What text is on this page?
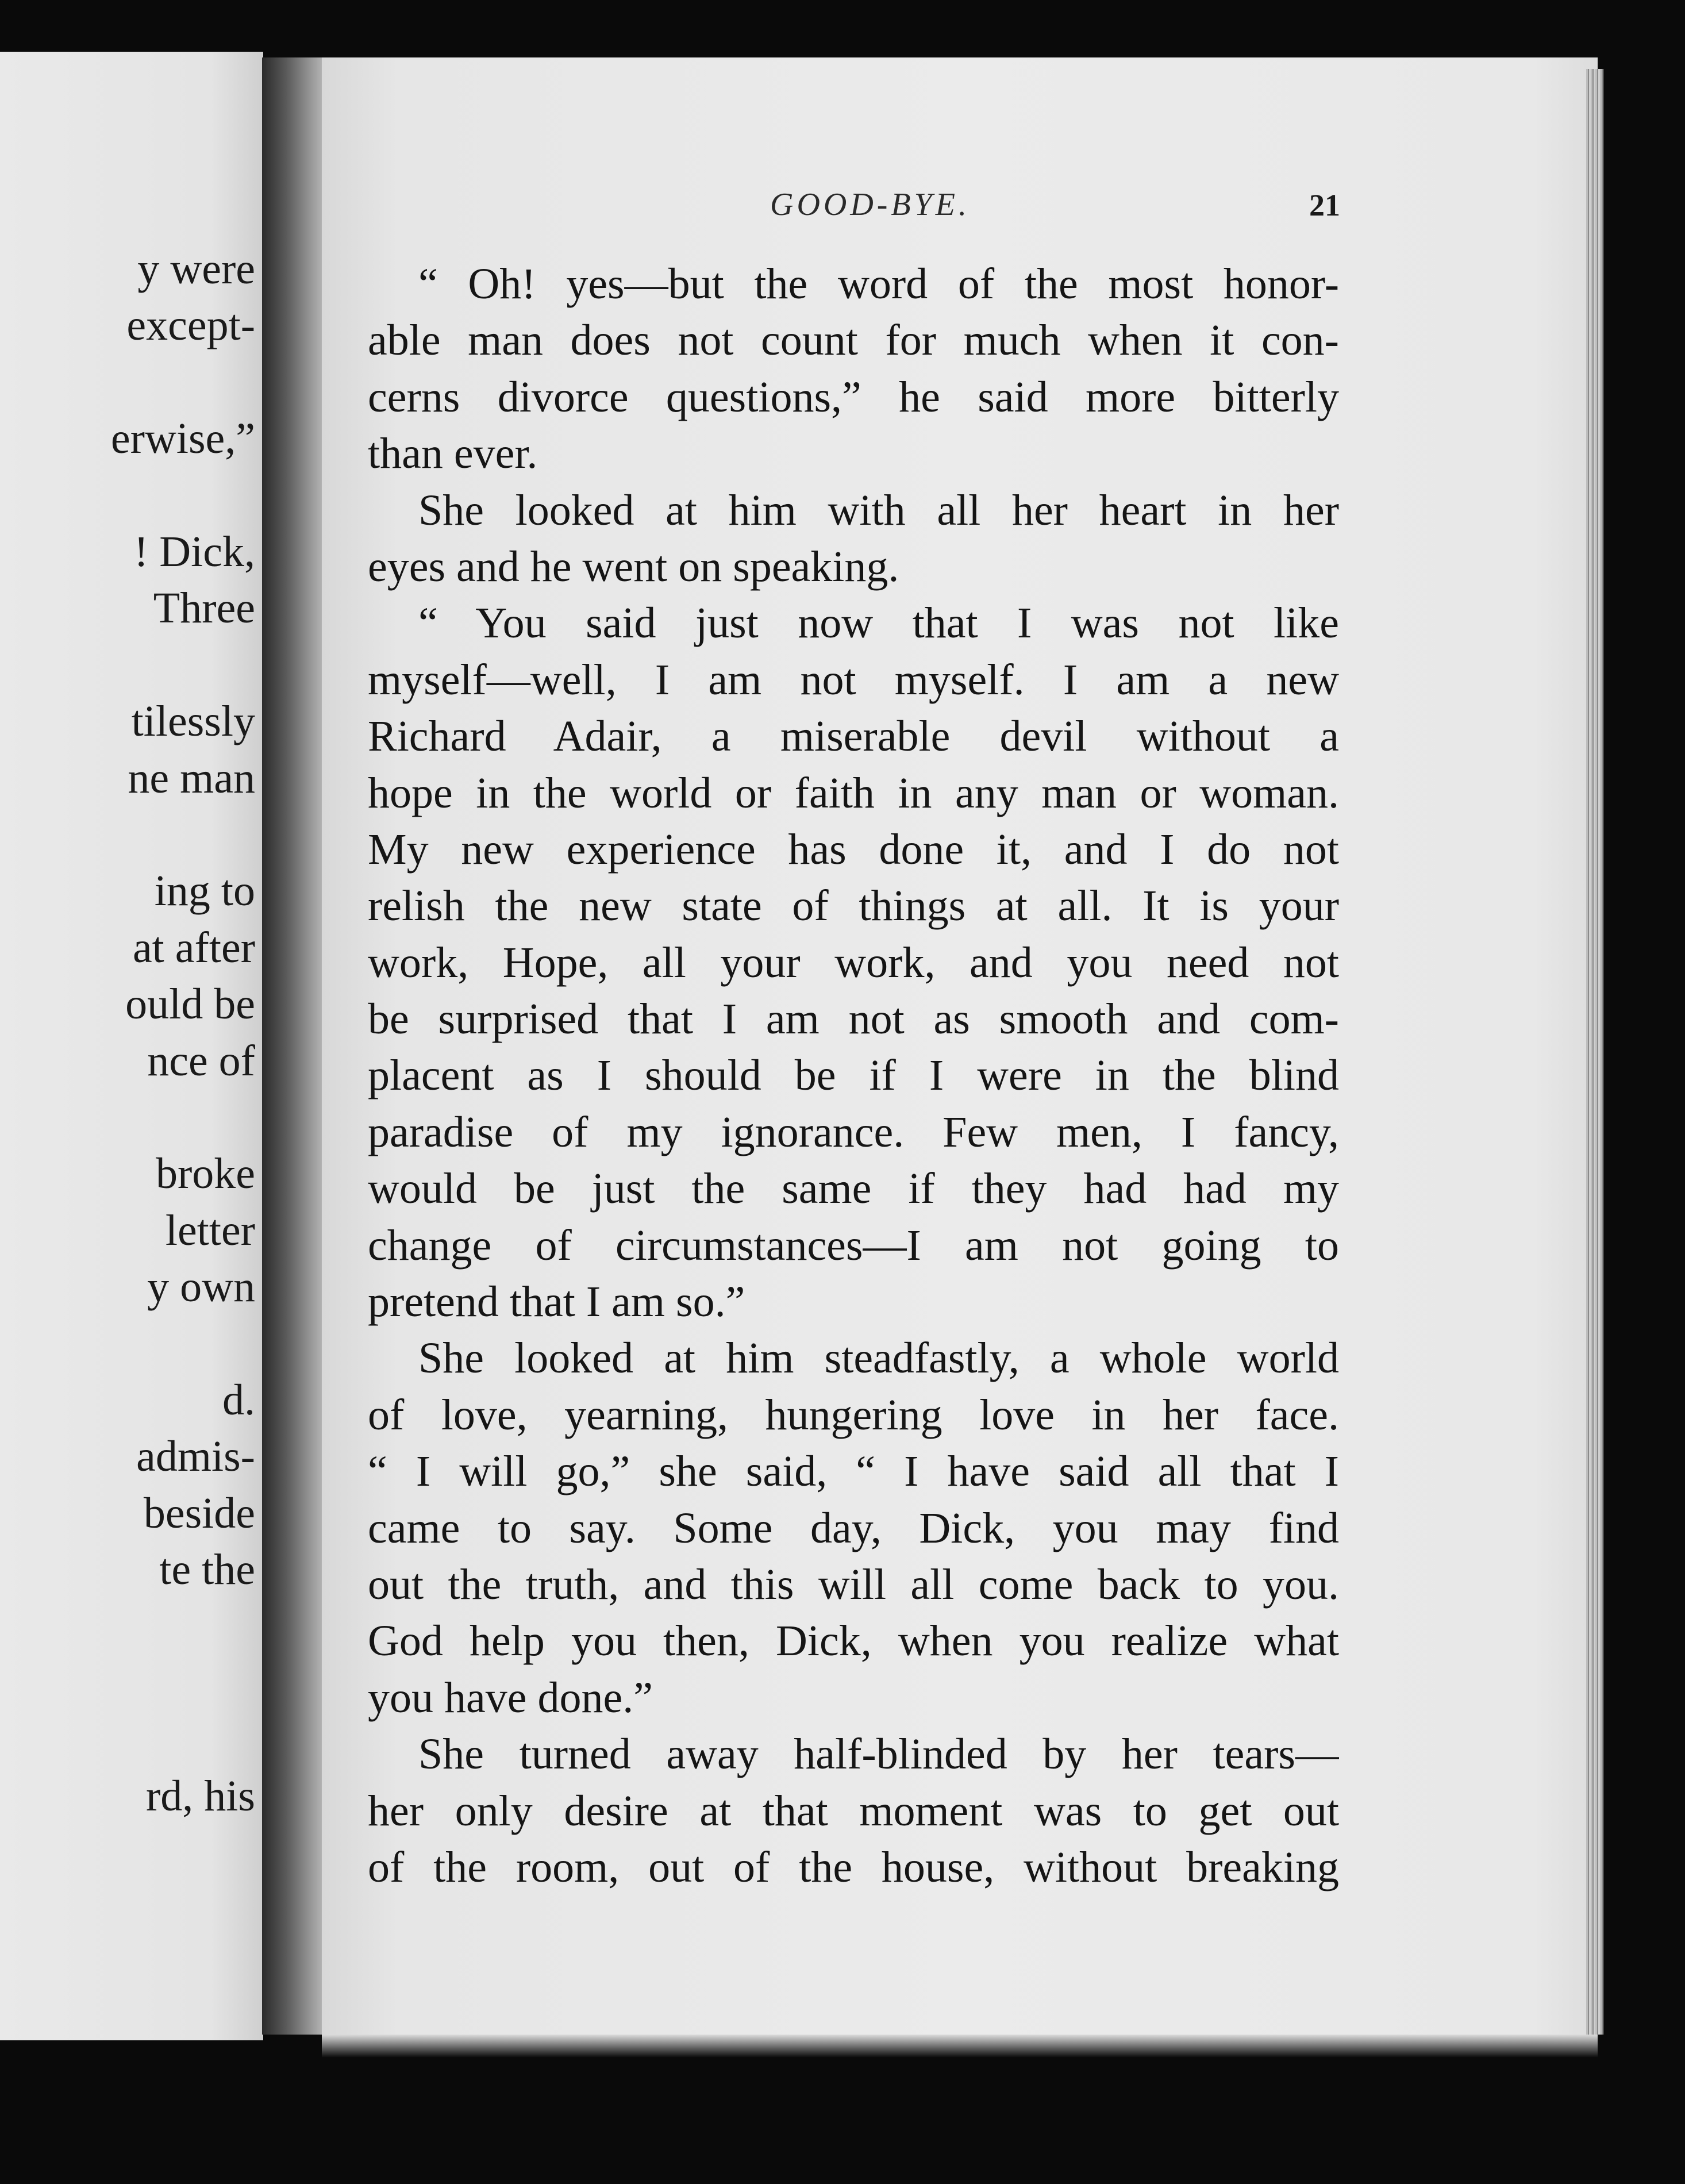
y were
except-
erwise,”
! Dick,
Three
tilessly
ne man
ing to
at after
ould be
nce of
broke
letter
y own
d.
admis-
beside
te the
rd, his
GOOD-BYE.	21
“ Oh! yes—but the word of the most honor-
able man does not count for much when it con-
cerns divorce questions,” he said more bitterly
than ever.
She looked at him with all her heart in her
eyes and he went on speaking.
“ You said just now that I was not like
myself—well, I am not myself. I am a new
Richard Adair, a miserable devil without a
hope in the world or faith in any man or woman.
My new experience has done it, and I do not
relish the new state of things at all. It is your
work, Hope, all your work, and you need not
be surprised that I am not as smooth and com-
placent as I should be if I were in the blind
paradise of my ignorance. Few men, I fancy,
would be just the same if they had had my
change of circumstances—I am not going to
pretend that I am so.”
She looked at him steadfastly, a whole world
of love, yearning, hungering love in her face.
“ I will go,” she said, “ I have said all that I
came to say. Some day, Dick, you may find
out the truth, and this will all come back to you.
God help you then, Dick, when you realize what
you have done.”
She turned away half-blinded by her tears—
her only desire at that moment was to get out
of the room, out of the house, without breaking
